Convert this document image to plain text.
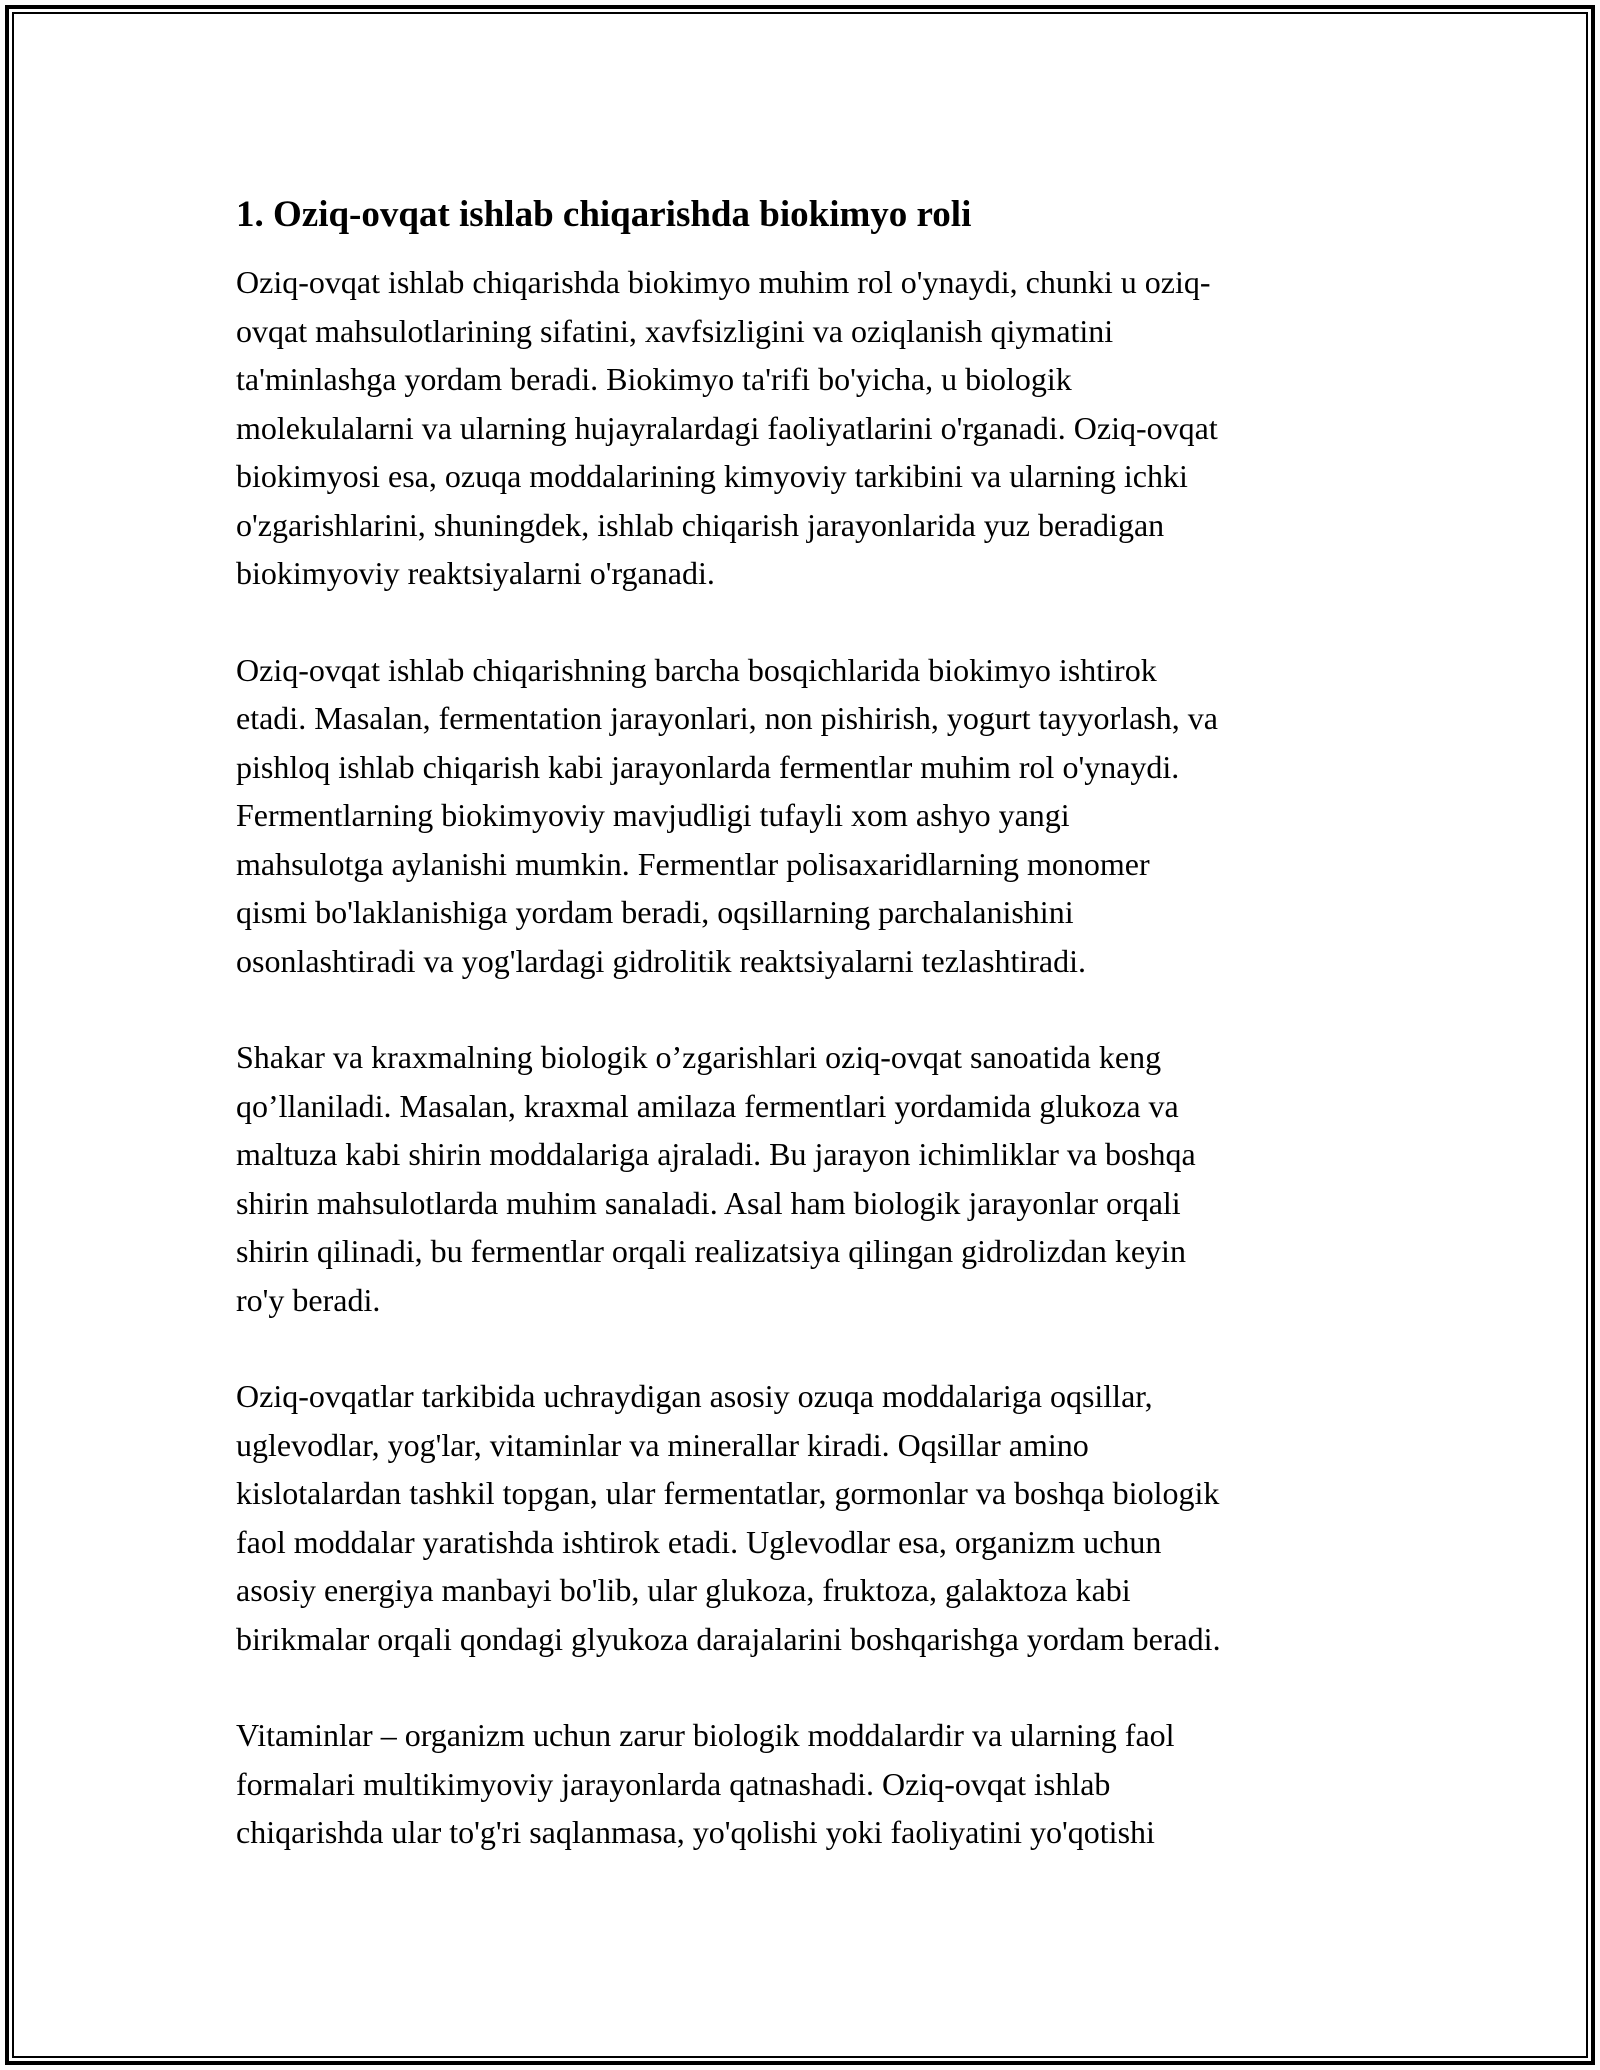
1. Oziq-ovqat ishlab chiqarishda biokimyo roli

Oziq-ovqat ishlab chiqarishda biokimyo muhim rol o'ynaydi, chunki u oziq-
ovqat mahsulotlarining sifatini, xavfsizligini va oziqlanish qiymatini
ta'minlashga yordam beradi. Biokimyo ta'rifi bo'yicha, u biologik
molekulalarni va ularning hujayralardagi faoliyatlarini o'rganadi. Oziq-ovqat
biokimyosi esa, ozuqa moddalarining kimyoviy tarkibini va ularning ichki
o'zgarishlarini, shuningdek, ishlab chiqarish jarayonlarida yuz beradigan
biokimyoviy reaktsiyalarni o'rganadi.

Oziq-ovqat ishlab chiqarishning barcha bosqichlarida biokimyo ishtirok
etadi. Masalan, fermentation jarayonlari, non pishirish, yogurt tayyorlash, va
pishloq ishlab chiqarish kabi jarayonlarda fermentlar muhim rol o'ynaydi.
Fermentlarning biokimyoviy mavjudligi tufayli xom ashyo yangi
mahsulotga aylanishi mumkin. Fermentlar polisaxaridlarning monomer
qismi bo'laklanishiga yordam beradi, oqsillarning parchalanishini
osonlashtiradi va yog'lardagi gidrolitik reaktsiyalarni tezlashtiradi.

Shakar va kraxmalning biologik o’zgarishlari oziq-ovqat sanoatida keng
qo’llaniladi. Masalan, kraxmal amilaza fermentlari yordamida glukoza va
maltuza kabi shirin moddalariga ajraladi. Bu jarayon ichimliklar va boshqa
shirin mahsulotlarda muhim sanaladi. Asal ham biologik jarayonlar orqali
shirin qilinadi, bu fermentlar orqali realizatsiya qilingan gidrolizdan keyin
ro'y beradi.

Oziq-ovqatlar tarkibida uchraydigan asosiy ozuqa moddalariga oqsillar,
uglevodlar, yog'lar, vitaminlar va minerallar kiradi. Oqsillar amino
kislotalardan tashkil topgan, ular fermentatlar, gormonlar va boshqa biologik
faol moddalar yaratishda ishtirok etadi. Uglevodlar esa, organizm uchun
asosiy energiya manbayi bo'lib, ular glukoza, fruktoza, galaktoza kabi
birikmalar orqali qondagi glyukoza darajalarini boshqarishga yordam beradi.

Vitaminlar – organizm uchun zarur biologik moddalardir va ularning faol
formalari multikimyoviy jarayonlarda qatnashadi. Oziq-ovqat ishlab
chiqarishda ular to'g'ri saqlanmasa, yo'qolishi yoki faoliyatini yo'qotishi
